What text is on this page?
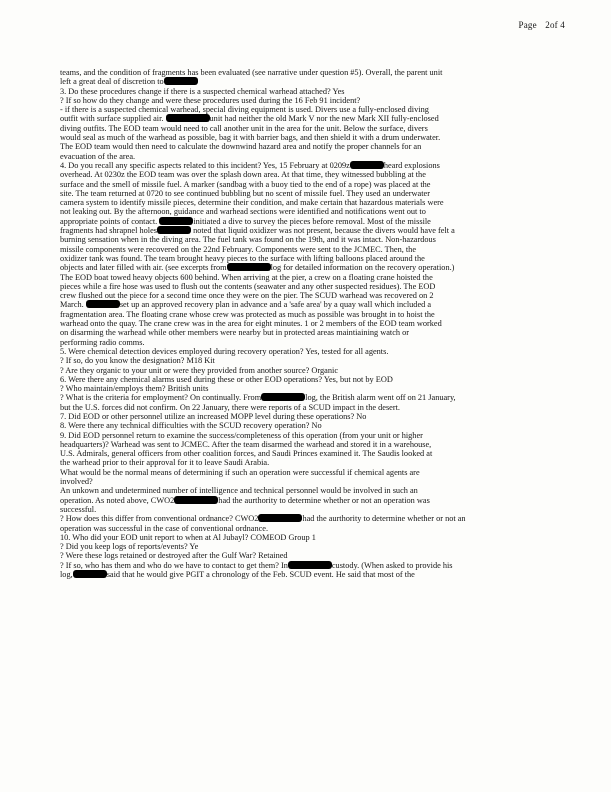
Page 2of 4

teams, and the condition of fragments has been evaluated (see narrative under question #5). Overall, the parent unit

left a great deal of discretion to

3. Do these procedures change if there is a suspected chemical warhead attached? Yes

? If so how do they change and were these procedures used during the 16 Feb 91 incident?

- if there is a suspected chemical warhead, special diving equipment is used. Divers use a fully-enclosed diving

outfit with surface supplied air.	unit had neither the old Mark V nor the new Mark XII fully-enclosed

diving outfits. The EOD team would need to call another unit in the area for the unit. Below the surface, divers

would seal as much of the warhead as possible, bag it with barrier bags, and then shield it with a drum underwater.

The EOD team would then need to calculate the downwind hazard area and notify the proper channels for an

evacuation of the area.

4. Do you recall any specific aspects related to this incident? Yes, 15 February at 0209z	heard explosions

overhead. At 0230z the EOD team was over the splash down area. At that time, they witnessed bubbling at the

surface and the smell of missile fuel. A marker (sandbag with a buoy tied to the end of a rope) was placed at the

site. The team returned at 0720 to see continued bubbling but no scent of missile fuel. They used an underwater

camera system to identify missile pieces, determine their condition, and make certain that hazardous materials were

not leaking out. By the afternoon, guidance and warhead sections were identified and notifications went out to

appropriate points of contact.	initiated a dive to survey the pieces before removal. Most of the missile

fragments had shrapnel holes	noted that liquid oxidizer was not present, because the divers would have felt a

burning sensation when in the diving area. The fuel tank was found on the 19th, and it was intact. Non-hazardous

missile components were recovered on the 22nd February. Components were sent to the JCMEC. Then, the

oxidizer tank was found. The team brought heavy pieces to the surface with lifting balloons placed around the

objects and later filled with air. (see excerpts from	log for detailed information on the recovery operation.)

The EOD boat towed heavy objects 600 behind. When arriving at the pier, a crew on a floating crane hoisted the

pieces while a fire hose was used to flush out the contents (seawater and any other suspected residues). The EOD

crew flushed out the piece for a second time once they were on the pier. The SCUD warhead was recovered on 2

March.	set up an approved recovery plan in advance and a 'safe area' by a quay wall which included a

fragmentation area. The floating crane whose crew was protected as much as possible was brought in to hoist the

warhead onto the quay. The crane crew was in the area for eight minutes. 1 or 2 members of the EOD team worked

on disarming the warhead while other members were nearby but in protected areas maintiaining watch or

performing radio comms.

5. Were chemical detection devices employed during recovery operation? Yes, tested for all agents.

? If so, do you know the designation? M18 Kit

? Are they organic to your unit or were they provided from another source? Organic

6. Were there any chemical alarms used during these or other EOD operations? Yes, but not by EOD

? Who maintain/employs them? British units

? What is the criteria for employment? On continually. From	log, the British alarm went off on 21 January,

but the U.S. forces did not confirm. On 22 January, there were reports of a SCUD impact in the desert.

7. Did EOD or other personnel utilize an increased MOPP level during these operations? No

8. Were there any technical difficulties with the SCUD recovery operation? No

9. Did EOD personnel return to examine the success/completeness of this operation (from your unit or higher

headquarters)? Warhead was sent to JCMEC. After the team disarmed the warhead and stored it in a warehouse,

U.S. Admirals, general officers from other coalition forces, and Saudi Princes examined it. The Saudis looked at

the warhead prior to their approval for it to leave Saudi Arabia.

What would be the normal means of determining if such an operation were successful if chemical agents are

involved?

An unkown and undetermined number of intelligence and technical personnel would be involved in such an

operation. As noted above, CWO2	had the aurthority to determine whether or not an operation was

successful.

? How does this differ from conventional ordnance? CWO2	had the aurthority to determine whether or not an

operation was successful in the case of conventional ordnance.

10. Who did your EOD unit report to when at Al Jubayl? COMEOD Group 1

? Did you keep logs of reports/events? Ye

? Were these logs retained or destroyed after the Gulf War? Retained

? If so, who has them and who do we have to contact to get them? In	custody. (When asked to provide his

log,	said that he would give PGIT a chronology of the Feb. SCUD event. He said that most of the
